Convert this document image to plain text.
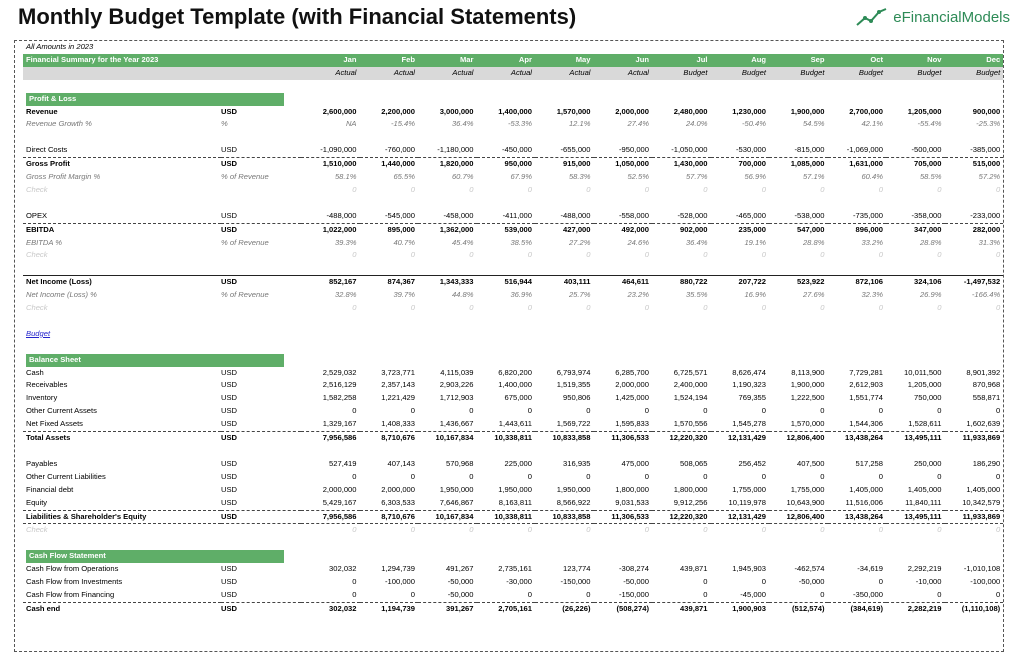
Monthly Budget Template (with Financial Statements)	eFinancialModels
All Amounts in 2023													
Financial Summary for the Year 2023		Jan	Feb	Mar	Apr	May	Jun	Jul	Aug	Sep	Oct	Nov	Dec
		Actual	Actual	Actual	Actual	Actual	Actual	Budget	Budget	Budget	Budget	Budget	Budget

Profit & Loss													

Revenue	USD	2,600,000	2,200,000	3,000,000	1,400,000	1,570,000	2,000,000	2,480,000	1,230,000	1,900,000	2,700,000	1,205,000	900,000
Revenue Growth %	%	NA	-15.4%	36.4%	-53.3%	12.1%	27.4%	24.0%	-50.4%	54.5%	42.1%	-55.4%	-25.3%

Direct Costs	USD	-1,090,000	-760,000	-1,180,000	-450,000	-655,000	-950,000	-1,050,000	-530,000	-815,000	-1,069,000	-500,000	-385,000
Gross Profit	USD	1,510,000	1,440,000	1,820,000	950,000	915,000	1,050,000	1,430,000	700,000	1,085,000	1,631,000	705,000	515,000
Gross Profit Margin %	% of Revenue	58.1%	65.5%	60.7%	67.9%	58.3%	52.5%	57.7%	56.9%	57.1%	60.4%	58.5%	57.2%
Check		0	0	0	0	0	0	0	0	0	0	0	0

OPEX	USD	-488,000	-545,000	-458,000	-411,000	-488,000	-558,000	-528,000	-465,000	-538,000	-735,000	-358,000	-233,000
EBITDA	USD	1,022,000	895,000	1,362,000	539,000	427,000	492,000	902,000	235,000	547,000	896,000	347,000	282,000
EBITDA %	% of Revenue	39.3%	40.7%	45.4%	38.5%	27.2%	24.6%	36.4%	19.1%	28.8%	33.2%	28.8%	31.3%
Check		0	0	0	0	0	0	0	0	0	0	0	0

Net Income (Loss)	USD	852,167	874,367	1,343,333	516,944	403,111	464,611	880,722	207,722	523,922	872,106	324,106	-1,497,532
Net Income (Loss) %	% of Revenue	32.8%	39.7%	44.8%	36.9%	25.7%	23.2%	35.5%	16.9%	27.6%	32.3%	26.9%	-166.4%
Check		0	0	0	0	0	0	0	0	0	0	0	0

Budget													

Balance Sheet													

Cash	USD	2,529,032	3,723,771	4,115,039	6,820,200	6,793,974	6,285,700	6,725,571	8,626,474	8,113,900	7,729,281	10,011,500	8,901,392
Receivables	USD	2,516,129	2,357,143	2,903,226	1,400,000	1,519,355	2,000,000	2,400,000	1,190,323	1,900,000	2,612,903	1,205,000	870,968
Inventory	USD	1,582,258	1,221,429	1,712,903	675,000	950,806	1,425,000	1,524,194	769,355	1,222,500	1,551,774	750,000	558,871
Other Current Assets	USD	0	0	0	0	0	0	0	0	0	0	0	0
Net Fixed Assets	USD	1,329,167	1,408,333	1,436,667	1,443,611	1,569,722	1,595,833	1,570,556	1,545,278	1,570,000	1,544,306	1,528,611	1,602,639
Total Assets	USD	7,956,586	8,710,676	10,167,834	10,338,811	10,833,858	11,306,533	12,220,320	12,131,429	12,806,400	13,438,264	13,495,111	11,933,869

Payables	USD	527,419	407,143	570,968	225,000	316,935	475,000	508,065	256,452	407,500	517,258	250,000	186,290
Other Current Liabilities	USD	0	0	0	0	0	0	0	0	0	0	0	0
Financial debt	USD	2,000,000	2,000,000	1,950,000	1,950,000	1,950,000	1,800,000	1,800,000	1,755,000	1,755,000	1,405,000	1,405,000	1,405,000
Equity	USD	5,429,167	6,303,533	7,646,867	8,163,811	8,566,922	9,031,533	9,912,256	10,119,978	10,643,900	11,516,006	11,840,111	10,342,579
Liabilities & Shareholder's Equity	USD	7,956,586	8,710,676	10,167,834	10,338,811	10,833,858	11,306,533	12,220,320	12,131,429	12,806,400	13,438,264	13,495,111	11,933,869
Check		0	0	0	0	0	0	0	0	0	0	0	0

Cash Flow Statement													

Cash Flow from Operations	USD	302,032	1,294,739	491,267	2,735,161	123,774	-308,274	439,871	1,945,903	-462,574	-34,619	2,292,219	-1,010,108
Cash Flow from Investments	USD	0	-100,000	-50,000	-30,000	-150,000	-50,000	0	0	-50,000	0	-10,000	-100,000
Cash Flow from Financing	USD	0	0	-50,000	0	0	-150,000	0	-45,000	0	-350,000	0	0
Cash end	USD	302,032	1,194,739	391,267	2,705,161	(26,226)	(508,274)	439,871	1,900,903	(512,574)	(384,619)	2,282,219	(1,110,108)
